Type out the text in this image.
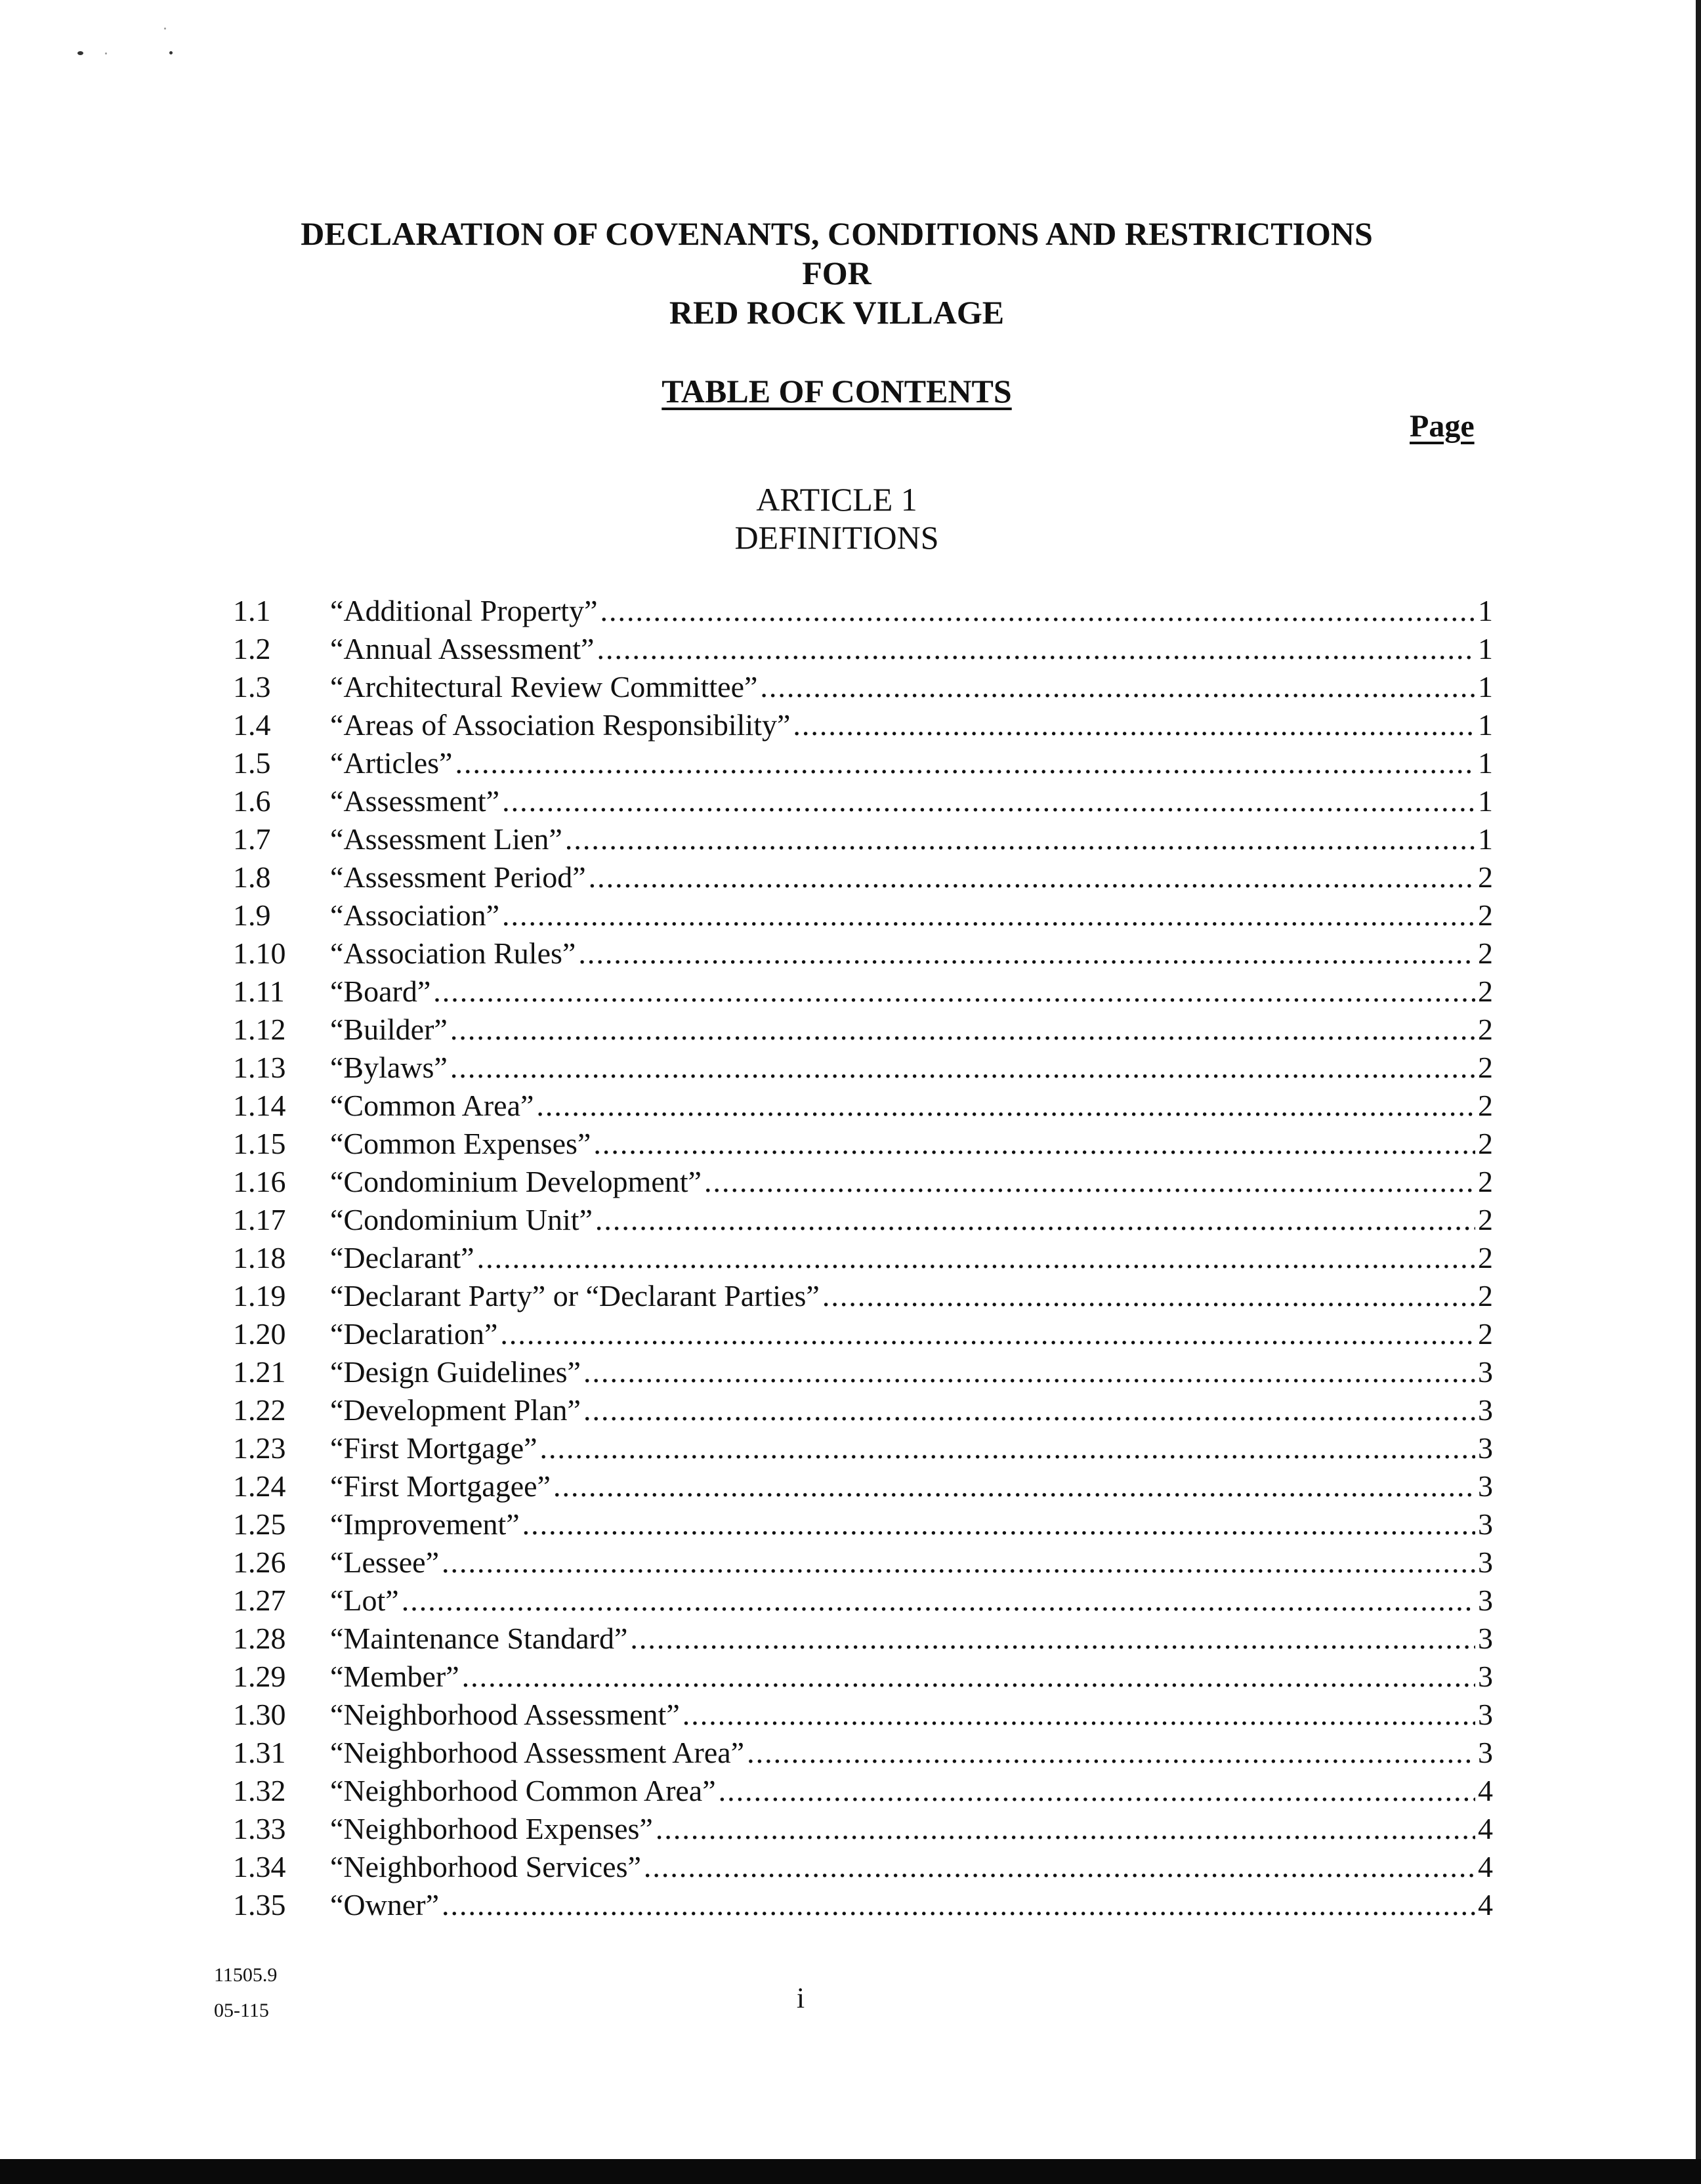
DECLARATION OF COVENANTS, CONDITIONS AND RESTRICTIONS
FOR
RED ROCK VILLAGE
TABLE OF CONTENTS
Page
ARTICLE 1
DEFINITIONS
1.1	“Additional Property” .....	1
1.2	“Annual Assessment” .....	1
1.3	“Architectural Review Committee” .....	1
1.4	“Areas of Association Responsibility” .....	1
1.5	“Articles” .....	1
1.6	“Assessment” .....	1
1.7	“Assessment Lien” .....	1
1.8	“Assessment Period” .....	2
1.9	“Association” .....	2
1.10	“Association Rules” .....	2
1.11	“Board” .....	2
1.12	“Builder” .....	2
1.13	“Bylaws” .....	2
1.14	“Common Area” .....	2
1.15	“Common Expenses” .....	2
1.16	“Condominium Development” .....	2
1.17	“Condominium Unit” .....	2
1.18	“Declarant” .....	2
1.19	“Declarant Party” or “Declarant Parties” .....	2
1.20	“Declaration” .....	2
1.21	“Design Guidelines” .....	3
1.22	“Development Plan” .....	3
1.23	“First Mortgage” .....	3
1.24	“First Mortgagee” .....	3
1.25	“Improvement” .....	3
1.26	“Lessee” .....	3
1.27	“Lot” .....	3
1.28	“Maintenance Standard” .....	3
1.29	“Member” .....	3
1.30	“Neighborhood Assessment” .....	3
1.31	“Neighborhood Assessment Area” .....	3
1.32	“Neighborhood Common Area” .....	4
1.33	“Neighborhood Expenses” .....	4
1.34	“Neighborhood Services” .....	4
1.35	“Owner” .....	4
11505.9
05-115	i
